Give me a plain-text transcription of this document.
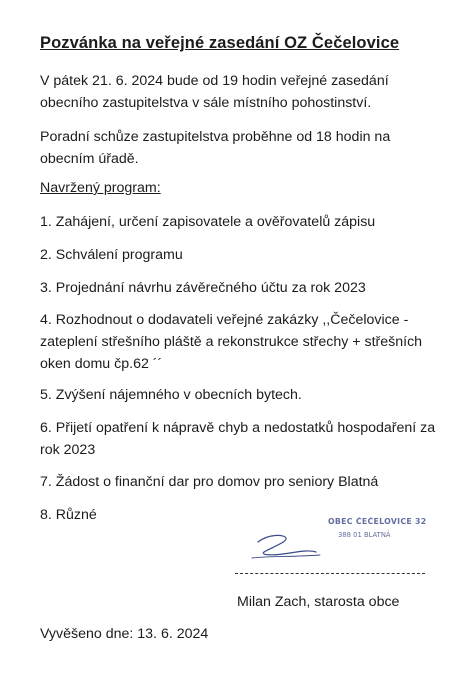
Pozvánka na veřejné zasedání OZ Čečelovice
V pátek 21. 6. 2024 bude od 19 hodin veřejné zasedání obecního zastupitelstva v sále místního pohostinství.
Poradní schůze zastupitelstva proběhne od 18 hodin na obecním úřadě.
Navržený program:
1. Zahájení, určení zapisovatele a ověřovatelů zápisu
2. Schválení programu
3. Projednání návrhu závěrečného účtu za rok 2023
4. Rozhodnout o dodavateli veřejné zakázky ,,Čečelovice - zateplení střešního pláště a rekonstrukce střechy + střešních oken domu čp.62 ´´
5. Zvýšení nájemného v obecních bytech.
6. Přijetí opatření k nápravě chyb a nedostatků hospodaření za rok 2023
7. Žádost o finanční dar pro domov pro seniory Blatná
8. Různé	OBEC ČEČELOVICE 32
388 01 BLATNÁ
Milan Zach, starosta obce
Vyvěšeno dne: 13. 6. 2024
